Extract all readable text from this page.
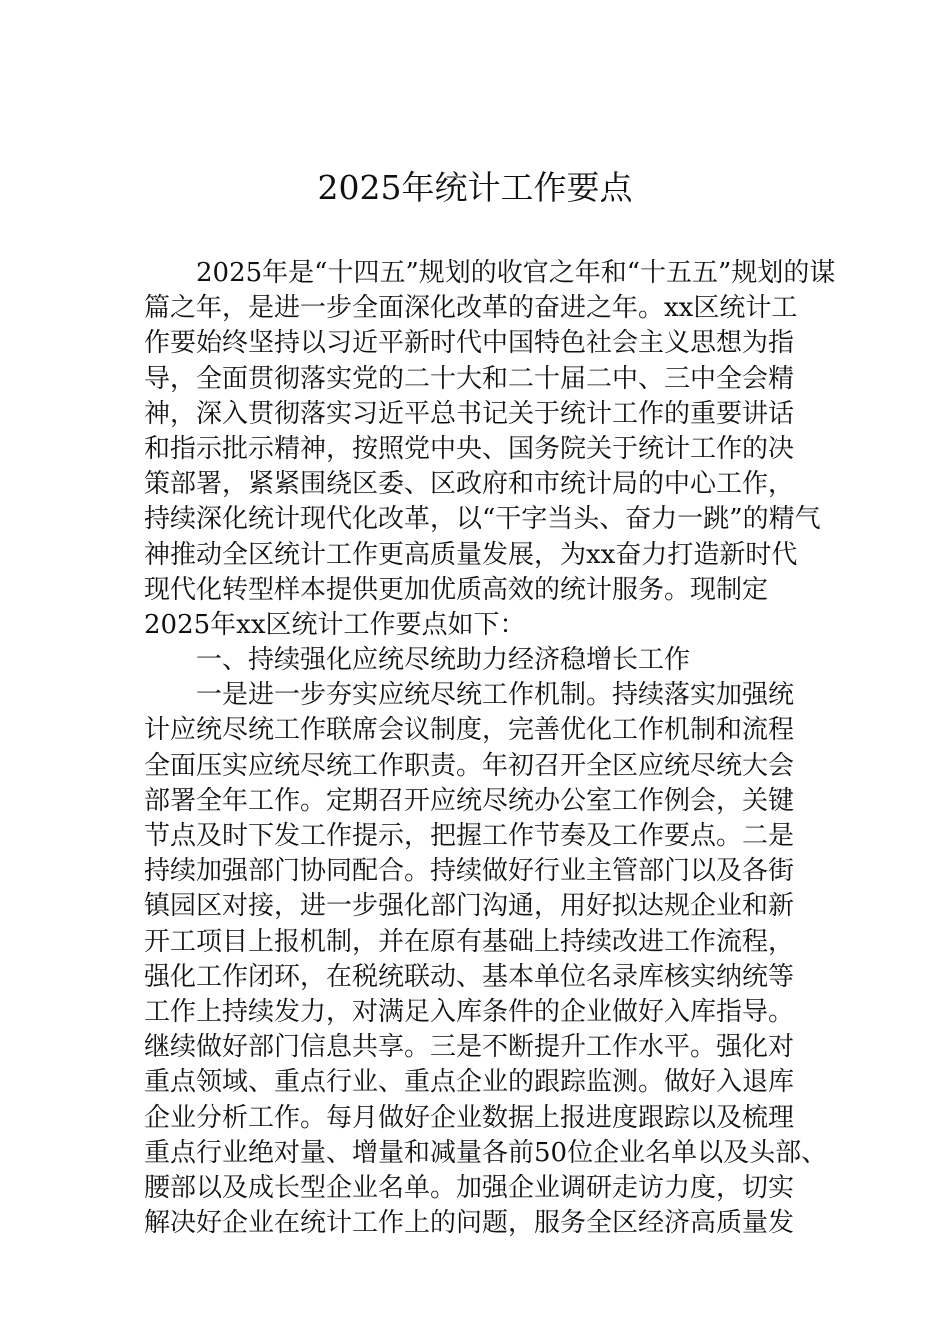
2025年统计工作要点
2025年是“十四五”规划的收官之年和“十五五”规划的谋
篇之年，是进一步全面深化改革的奋进之年。xx区统计工
作要始终坚持以习近平新时代中国特色社会主义思想为指
导，全面贯彻落实党的二十大和二十届二中、三中全会精
神，深入贯彻落实习近平总书记关于统计工作的重要讲话
和指示批示精神，按照党中央、国务院关于统计工作的决
策部署，紧紧围绕区委、区政府和市统计局的中心工作，
持续深化统计现代化改革，以“干字当头、奋力一跳”的精气
神推动全区统计工作更高质量发展，为xx奋力打造新时代
现代化转型样本提供更加优质高效的统计服务。现制定
2025年xx区统计工作要点如下：
一、持续强化应统尽统助力经济稳增长工作
一是进一步夯实应统尽统工作机制。持续落实加强统
计应统尽统工作联席会议制度，完善优化工作机制和流程
全面压实应统尽统工作职责。年初召开全区应统尽统大会
部署全年工作。定期召开应统尽统办公室工作例会，关键
节点及时下发工作提示，把握工作节奏及工作要点。二是
持续加强部门协同配合。持续做好行业主管部门以及各街
镇园区对接，进一步强化部门沟通，用好拟达规企业和新
开工项目上报机制，并在原有基础上持续改进工作流程，
强化工作闭环，在税统联动、基本单位名录库核实纳统等
工作上持续发力，对满足入库条件的企业做好入库指导。
继续做好部门信息共享。三是不断提升工作水平。强化对
重点领域、重点行业、重点企业的跟踪监测。做好入退库
企业分析工作。每月做好企业数据上报进度跟踪以及梳理
重点行业绝对量、增量和减量各前50位企业名单以及头部、
腰部以及成长型企业名单。加强企业调研走访力度，切实
解决好企业在统计工作上的问题，服务全区经济高质量发
